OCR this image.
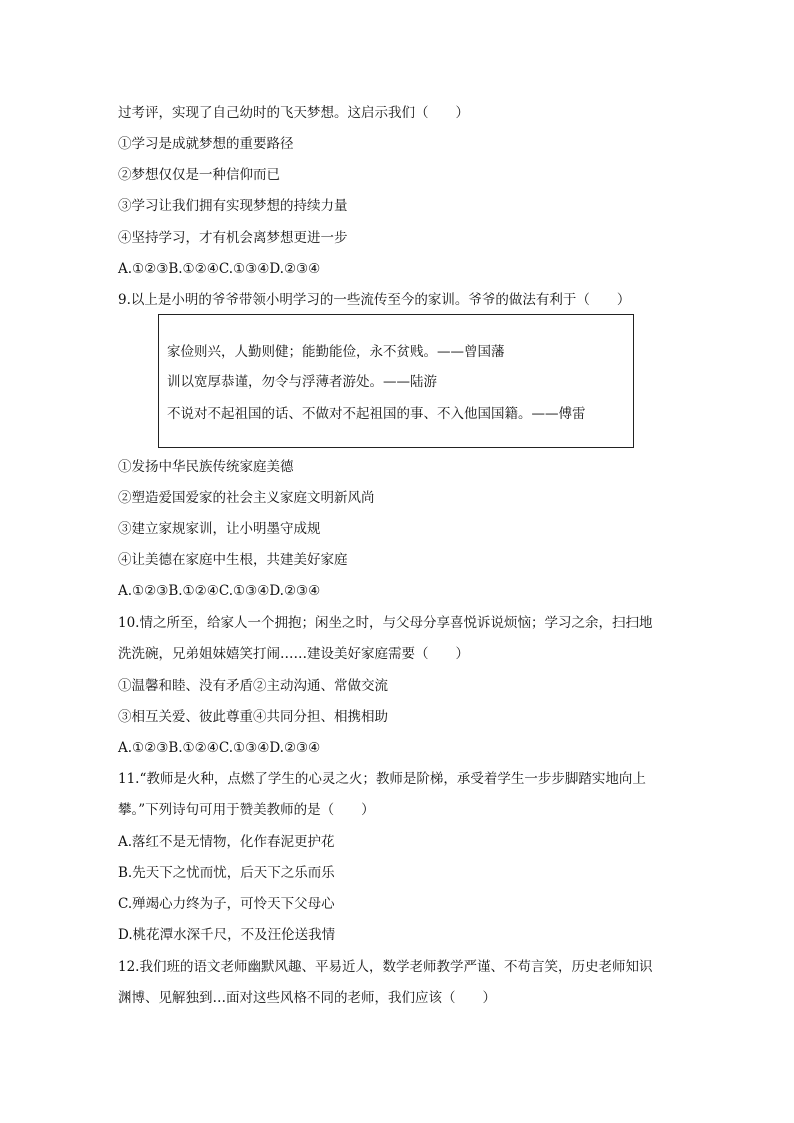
过考评，实现了自己幼时的飞天梦想。这启示我们（　　）
①学习是成就梦想的重要路径
②梦想仅仅是一种信仰而已
③学习让我们拥有实现梦想的持续力量
④坚持学习，才有机会离梦想更进一步
A.①②③B.①②④C.①③④D.②③④
9.以上是小明的爷爷带领小明学习的一些流传至今的家训。爷爷的做法有利于（　　）
家俭则兴，人勤则健；能勤能俭，永不贫贱。——曾国藩
训以宽厚恭谨，勿令与浮薄者游处。——陆游
不说对不起祖国的话、不做对不起祖国的事、不入他国国籍。——傅雷
①发扬中华民族传统家庭美德
②塑造爱国爱家的社会主义家庭文明新风尚
③建立家规家训，让小明墨守成规
④让美德在家庭中生根，共建美好家庭
A.①②③B.①②④C.①③④D.②③④
10.情之所至，给家人一个拥抱；闲坐之时，与父母分享喜悦诉说烦恼；学习之余，扫扫地
洗洗碗，兄弟姐妹嬉笑打闹……建设美好家庭需要（　　）
①温馨和睦、没有矛盾②主动沟通、常做交流
③相互关爱、彼此尊重④共同分担、相携相助
A.①②③B.①②④C.①③④D.②③④
11.“教师是火种，点燃了学生的心灵之火；教师是阶梯，承受着学生一步步脚踏实地向上
攀。”下列诗句可用于赞美教师的是（　　）
A.落红不是无情物，化作春泥更护花
B.先天下之忧而忧，后天下之乐而乐
C.殚竭心力终为子，可怜天下父母心
D.桃花潭水深千尺，不及汪伦送我情
12.我们班的语文老师幽默风趣、平易近人，数学老师教学严谨、不苟言笑，历史老师知识
渊博、见解独到…面对这些风格不同的老师，我们应该（　　）
